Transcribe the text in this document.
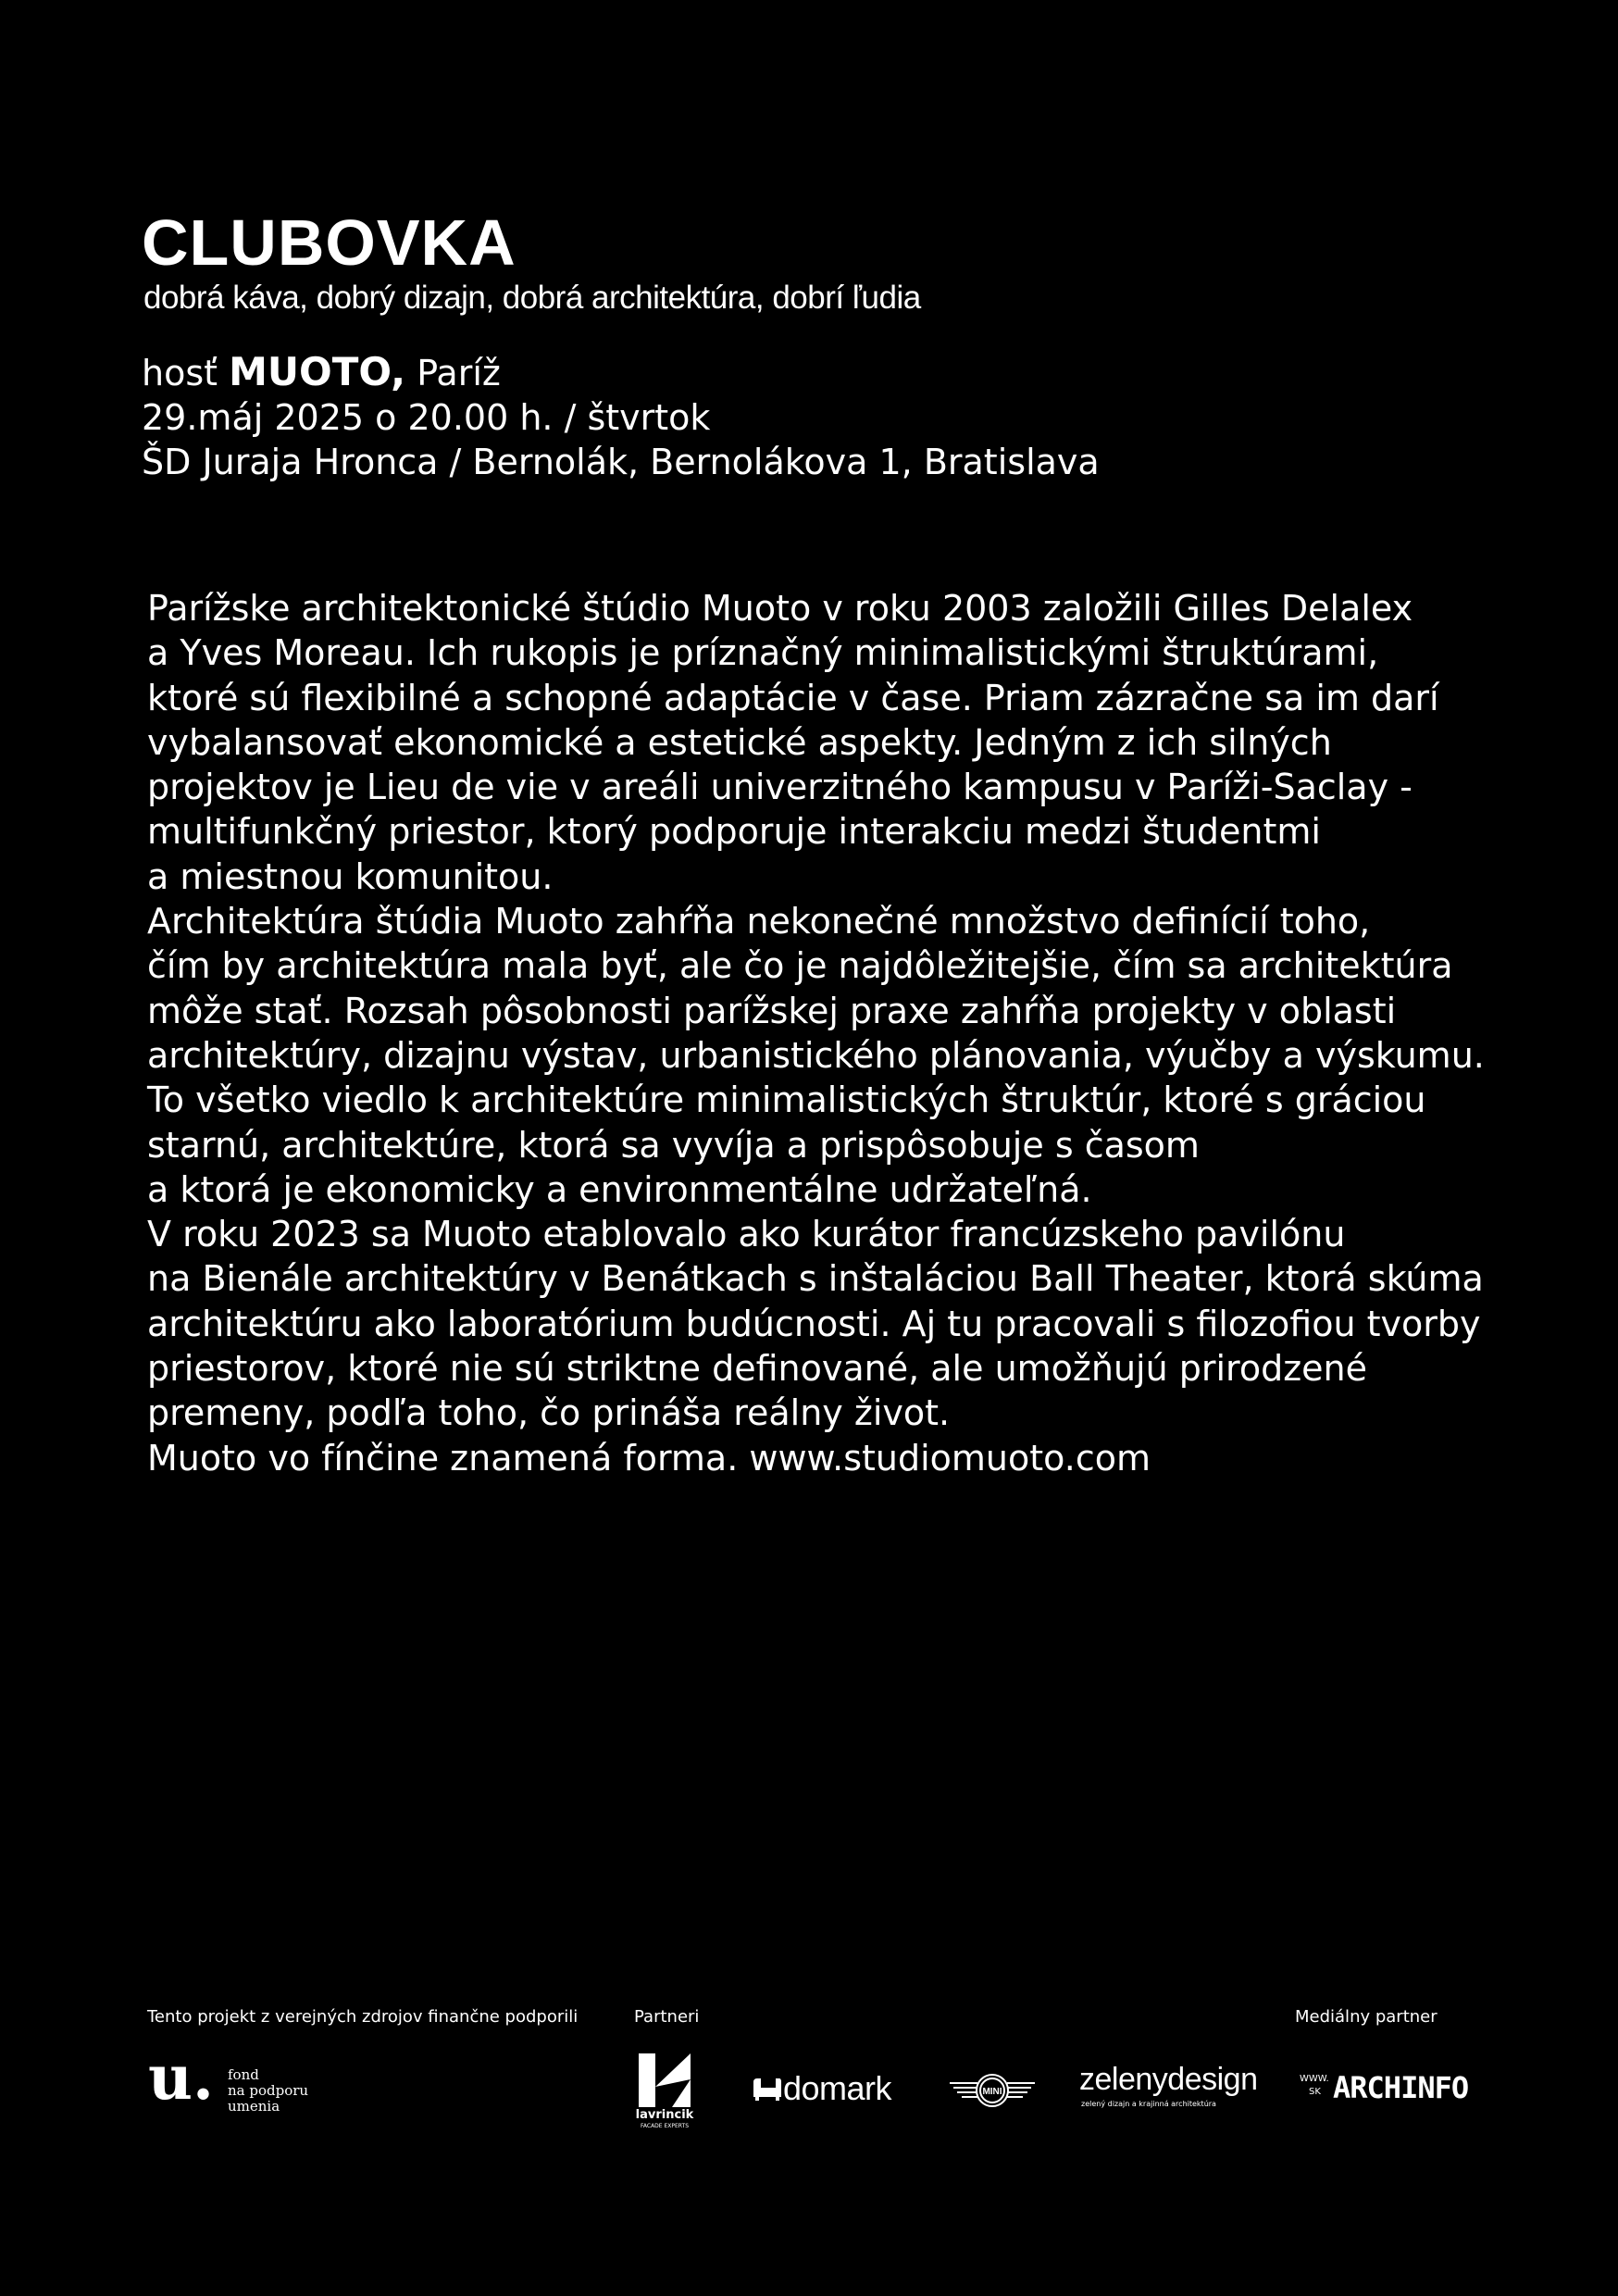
CLUBOVKA
dobrá káva, dobrý dizajn, dobrá architektúra, dobrí ľudia
hosť MUOTO, Paríž
29.máj 2025 o 20.00 h. / štvrtok
ŠD Juraja Hronca / Bernolák, Bernolákova 1, Bratislava
Parížske architektonické štúdio Muoto v roku 2003 založili Gilles Delalex
a Yves Moreau. Ich rukopis je príznačný minimalistickými štruktúrami,
ktoré sú flexibilné a schopné adaptácie v čase. Priam zázračne sa im darí
vybalansovať ekonomické a estetické aspekty. Jedným z ich silných
projektov je Lieu de vie v areáli univerzitného kampusu v Paríži-Saclay -
multifunkčný priestor, ktorý podporuje interakciu medzi študentmi
a miestnou komunitou.
Architektúra štúdia Muoto zahŕňa nekonečné množstvo definícií toho,
čím by architektúra mala byť, ale čo je najdôležitejšie, čím sa architektúra
môže stať. Rozsah pôsobnosti parížskej praxe zahŕňa projekty v oblasti
architektúry, dizajnu výstav, urbanistického plánovania, výučby a výskumu.
To všetko viedlo k architektúre minimalistických štruktúr, ktoré s gráciou
starnú, architektúre, ktorá sa vyvíja a prispôsobuje s časom
a ktorá je ekonomicky a environmentálne udržateľná.
V roku 2023 sa Muoto etablovalo ako kurátor francúzskeho pavilónu
na Bienále architektúry v Benátkach s inštaláciou Ball Theater, ktorá skúma
architektúru ako laboratórium budúcnosti. Aj tu pracovali s filozofiou tvorby
priestorov, ktoré nie sú striktne definované, ale umožňujú prirodzené
premeny, podľa toho, čo prináša reálny život.
Muoto vo fínčine znamená forma. www.studiomuoto.com
Tento projekt z verejných zdrojov finančne podporili	Partneri	Mediálny partner
u. fond
na podporu
umenia
lavrincik
FACADE EXPERTS
domark	MINI zelenydesign
zelený dizajn a krajinná architektúra
WWW.
SK ARCHINFO
